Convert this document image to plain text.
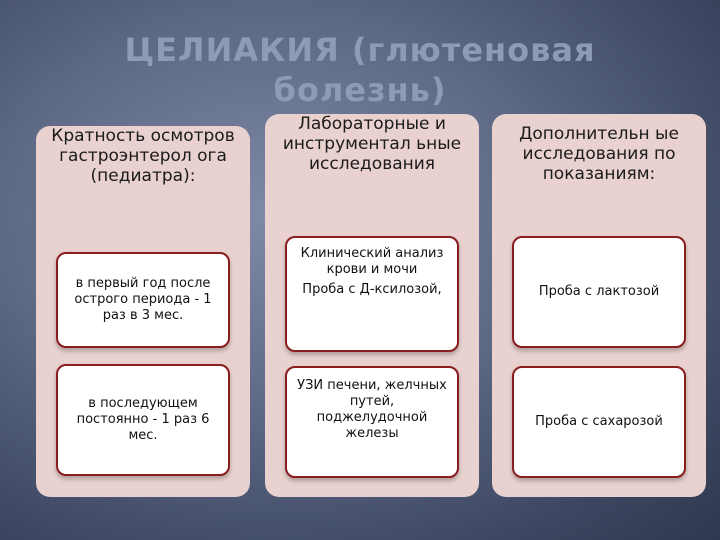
ЦЕЛИАКИЯ (глютеновая болезнь)
Кратность осмотров гастроэнтерол ога (педиатра):

в первый год после острого периода - 1 раз в 3 мес.

в последующем постоянно - 1 раз 6 мес.

Лабораторные и инструментал ьные исследования

Клинический анализ крови и мочи

Проба с Д-ксилозой,

УЗИ печени, желчных путей, поджелудочной железы

Дополнительн ые исследования по показаниям:

Проба с лактозой

Проба с сахарозой
